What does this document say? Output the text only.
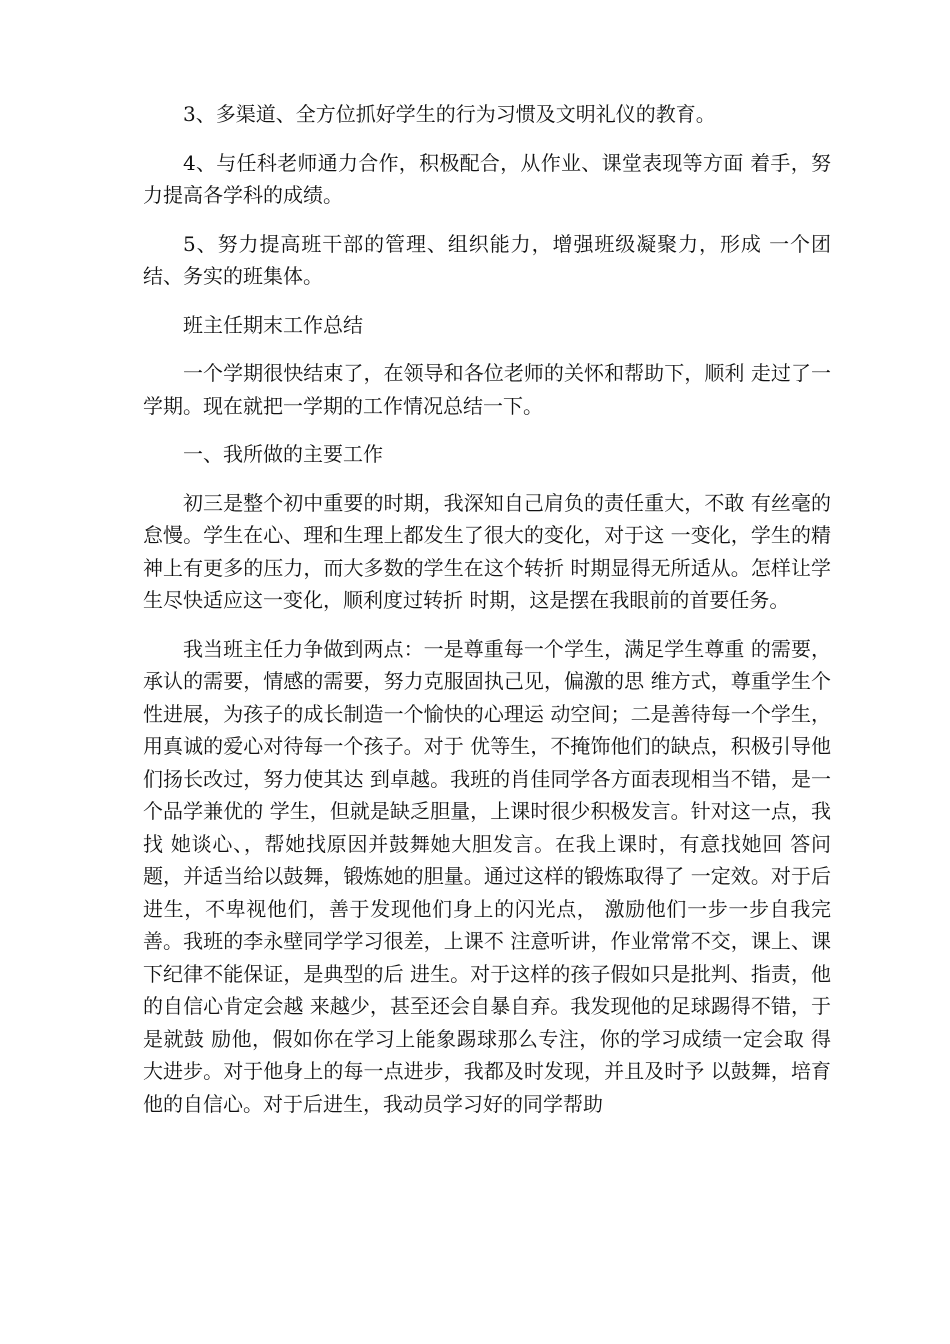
3、多渠道、全方位抓好学生的行为习惯及文明礼仪的教育。

4、与任科老师通力合作，积极配合，从作业、课堂表现等方面 着手，努力提高各学科的成绩。

5、努力提高班干部的管理、组织能力，增强班级凝聚力，形成 一个团结、务实的班集体。

班主任期末工作总结

一个学期很快结束了，在领导和各位老师的关怀和帮助下，顺利 走过了一学期。现在就把一学期的工作情况总结一下。

一、我所做的主要工作

初三是整个初中重要的时期，我深知自己肩负的责任重大，不敢 有丝毫的怠慢。学生在心、理和生理上都发生了很大的变化，对于这 一变化，学生的精神上有更多的压力，而大多数的学生在这个转折 时期显得无所适从。怎样让学生尽快适应这一变化，顺利度过转折 时期，这是摆在我眼前的首要任务。

我当班主任力争做到两点：一是尊重每一个学生，满足学生尊重 的需要，承认的需要，情感的需要，努力克服固执己见，偏激的思 维方式，尊重学生个性进展，为孩子的成长制造一个愉快的心理运 动空间；二是善待每一个学生，用真诚的爱心对待每一个孩子。对于 优等生，不掩饰他们的缺点，积极引导他们扬长改过，努力使其达 到卓越。我班的肖佳同学各方面表现相当不错，是一个品学兼优的 学生，但就是缺乏胆量，上课时很少积极发言。针对这一点，我找 她谈心、，帮她找原因并鼓舞她大胆发言。在我上课时，有意找她回 答问题，并适当给以鼓舞，锻炼她的胆量。通过这样的锻炼取得了 一定效。对于后进生，不卑视他们，善于发现他们身上的闪光点， 激励他们一步一步自我完善。我班的李永壁同学学习很差，上课不 注意听讲，作业常常不交，课上、课下纪律不能保证，是典型的后 进生。对于这样的孩子假如只是批判、指责，他的自信心肯定会越 来越少，甚至还会自暴自弃。我发现他的足球踢得不错，于是就鼓 励他，假如你在学习上能象踢球那么专注，你的学习成绩一定会取 得大进步。对于他身上的每一点进步，我都及时发现，并且及时予 以鼓舞，培育他的自信心。对于后进生，我动员学习好的同学帮助
